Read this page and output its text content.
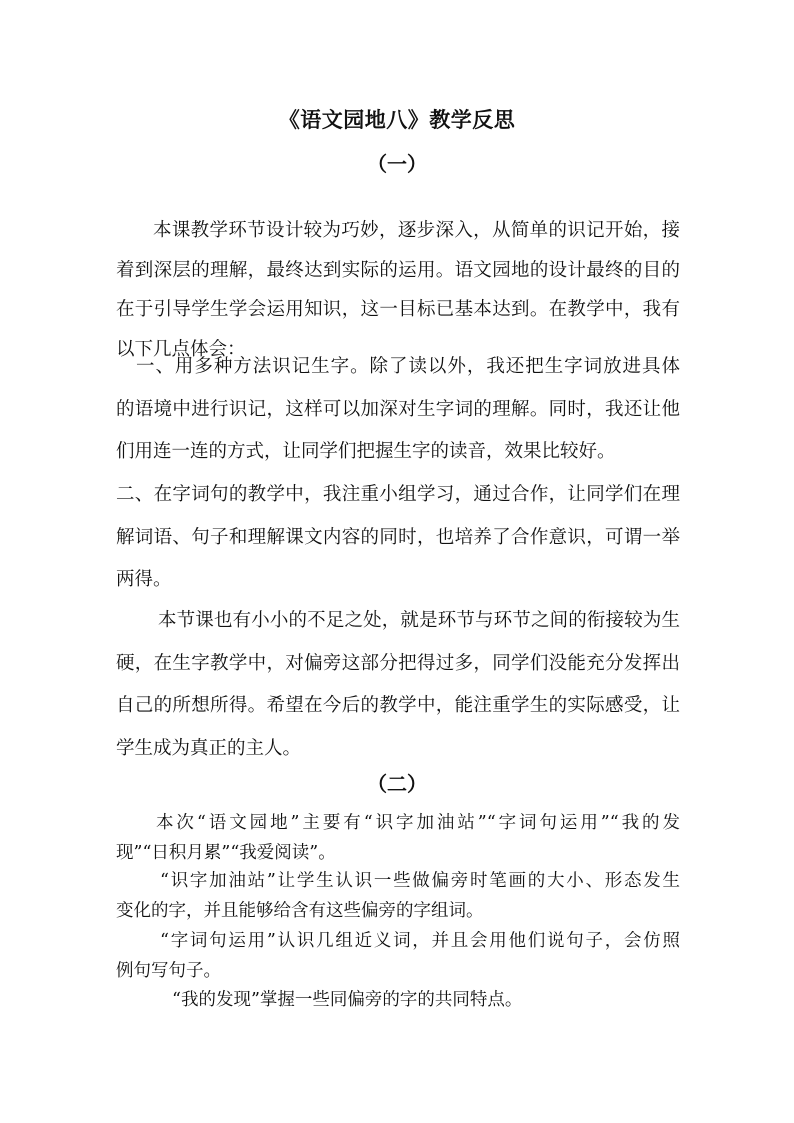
《语文园地八》教学反思
（一）
本课教学环节设计较为巧妙，逐步深入，从简单的识记开始，接
着到深层的理解，最终达到实际的运用。语文园地的设计最终的目的
在于引导学生学会运用知识，这一目标已基本达到。在教学中，我有
以下几点体会：
一、用多种方法识记生字。除了读以外，我还把生字词放进具体
的语境中进行识记，这样可以加深对生字词的理解。同时，我还让他
们用连一连的方式，让同学们把握生字的读音，效果比较好。
二、在字词句的教学中，我注重小组学习，通过合作，让同学们在理
解词语、句子和理解课文内容的同时，也培养了合作意识，可谓一举
两得。
本节课也有小小的不足之处，就是环节与环节之间的衔接较为生
硬，在生字教学中，对偏旁这部分把得过多，同学们没能充分发挥出
自己的所想所得。希望在今后的教学中，能注重学生的实际感受，让
学生成为真正的主人。
（二）
本次“语文园地”主要有“识字加油站”“字词句运用”“我的发
现”“日积月累”“我爱阅读”。
“识字加油站”让学生认识一些做偏旁时笔画的大小、形态发生
变化的字，并且能够给含有这些偏旁的字组词。
“字词句运用”认识几组近义词，并且会用他们说句子，会仿照
例句写句子。
“我的发现”掌握一些同偏旁的字的共同特点。
